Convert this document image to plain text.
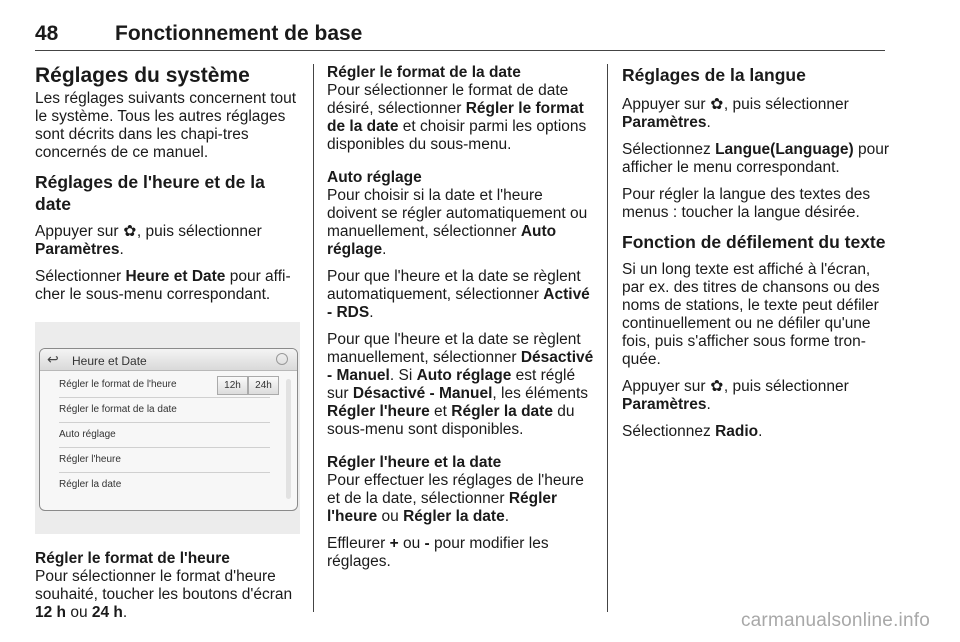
48	Fonctionnement de base
Réglages du système

Les réglages suivants concernent tout le système. Tous les autres réglages sont décrits dans les chapi-tres concernés de ce manuel.

Réglages de l'heure et de la date

Appuyer sur ✿, puis sélectionner Paramètres.

Sélectionner Heure et Date pour affi-cher le sous-menu correspondant.

↩ Heure et Date
Régler le format de l'heure	12h	24h
Régler le format de la date
Auto réglage
Régler l'heure
Régler la date

Régler le format de l'heure

Pour sélectionner le format d'heure souhaité, toucher les boutons d'écran 12 h ou 24 h.

Régler le format de la date

Pour sélectionner le format de date désiré, sélectionner Régler le format de la date et choisir parmi les options disponibles du sous-menu.

Auto réglage

Pour choisir si la date et l'heure doivent se régler automatiquement ou manuellement, sélectionner Auto réglage.

Pour que l'heure et la date se règlent automatiquement, sélectionner Activé - RDS.

Pour que l'heure et la date se règlent manuellement, sélectionner Désactivé - Manuel. Si Auto réglage est réglé sur Désactivé - Manuel, les éléments Régler l'heure et Régler la date du sous-menu sont disponibles.

Régler l'heure et la date

Pour effectuer les réglages de l'heure et de la date, sélectionner Régler l'heure ou Régler la date.

Effleurer + ou - pour modifier les réglages.

Réglages de la langue

Appuyer sur ✿, puis sélectionner Paramètres.

Sélectionnez Langue(Language) pour afficher le menu correspondant.

Pour régler la langue des textes des menus : toucher la langue désirée.

Fonction de défilement du texte

Si un long texte est affiché à l'écran, par ex. des titres de chansons ou des noms de stations, le texte peut défiler continuellement ou ne défiler qu'une fois, puis s'afficher sous forme tron-quée.

Appuyer sur ✿, puis sélectionner Paramètres.

Sélectionnez Radio.

carmanualsonline.info
